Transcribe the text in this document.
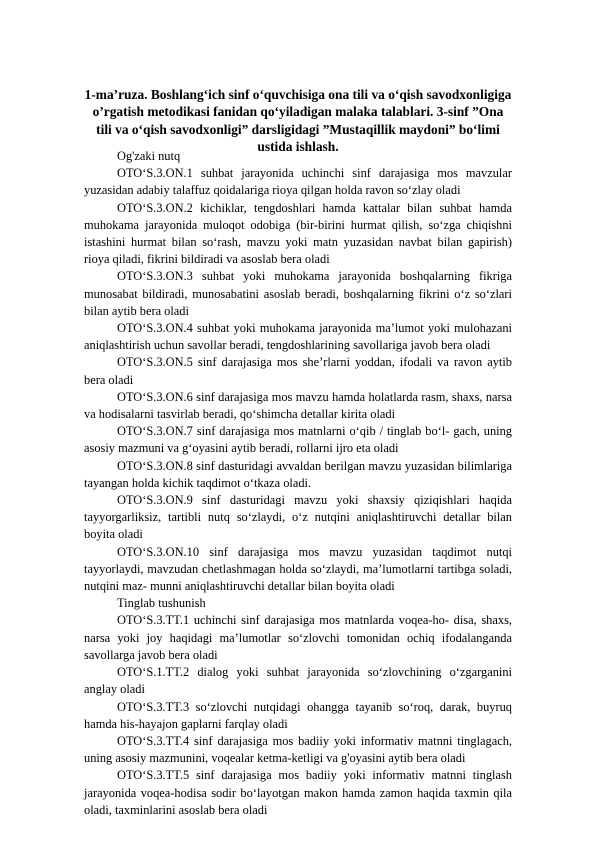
1-ma’ruza. Boshlang‘ich sinf o‘quvchisiga ona tili va o‘qish savodxonligiga o’rgatish metodikasi fanidan qo‘yiladigan malaka talablari. 3-sinf ”Ona tili va o‘qish savodxonligi” darsligidagi ”Mustaqillik maydoni” bo‘limi ustida ishlash.

Og'zaki nutq

OTO‘S.3.ON.1 suhbat jarayonida uchinchi sinf darajasiga mos mavzular yuzasidan adabiy talaffuz qoidalariga rioya qilgan holda ravon so‘zlay oladi

OTO‘S.3.ON.2 kichiklar, tengdoshlari hamda kattalar bilan suhbat hamda muhokama jarayonida muloqot odobiga (bir-birini hurmat qilish, so‘zga chiqishni istashini hurmat bilan so‘rash, mavzu yoki matn yuzasidan navbat bilan gapirish) rioya qiladi, fikrini bildiradi va asoslab bera oladi

OTO‘S.3.ON.3 suhbat yoki muhokama jarayonida boshqalarning fikriga munosabat bildiradi, munosabatini asoslab beradi, boshqalarning fikrini o‘z so‘zlari bilan aytib bera oladi

OTO‘S.3.ON.4 suhbat yoki muhokama jarayonida ma’lumot yoki mulohazani aniqlashtirish uchun savollar beradi, tengdoshlarining savollariga javob bera oladi

OTO‘S.3.ON.5 sinf darajasiga mos she’rlarni yoddan, ifodali va ravon aytib bera oladi

OTO‘S.3.ON.6 sinf darajasiga mos mavzu hamda holatlarda rasm, shaxs, narsa va hodisalarni tasvirlab beradi, qo‘shimcha detallar kirita oladi

OTO‘S.3.ON.7 sinf darajasiga mos matnlarni o‘qib / tinglab bo‘l- gach, uning asosiy mazmuni va g‘oyasini aytib beradi, rollarni ijro eta oladi

OTO‘S.3.ON.8 sinf dasturidagi avvaldan berilgan mavzu yuzasidan bilimlariga tayangan holda kichik taqdimot o‘tkaza oladi.

OTO‘S.3.ON.9 sinf dasturidagi mavzu yoki shaxsiy qiziqishlari haqida tayyorgarliksiz, tartibli nutq so‘zlaydi, o‘z nutqini aniqlashtiruvchi detallar bilan boyita oladi

OTO‘S.3.ON.10 sinf darajasiga mos mavzu yuzasidan taqdimot nutqi tayyorlaydi, mavzudan chetlashmagan holda so‘zlaydi, ma’lumotlarni tartibga soladi, nutqini maz- munni aniqlashtiruvchi detallar bilan boyita oladi

Tinglab tushunish

OTO‘S.3.TT.1 uchinchi sinf darajasiga mos matnlarda voqea-ho- disa, shaxs, narsa yoki joy haqidagi ma’lumotlar so‘zlovchi tomonidan ochiq ifodalanganda savollarga javob bera oladi

OTO‘S.1.TT.2 dialog yoki suhbat jarayonida so‘zlovchining o‘zgarganini anglay oladi

OTO‘S.3.TT.3 so‘zlovchi nutqidagi ohangga tayanib so‘roq, darak, buyruq hamda his-hayajon gaplarni farqlay oladi

OTO‘S.3.TT.4 sinf darajasiga mos badiiy yoki informativ matnni tinglagach, uning asosiy mazmunini, voqealar ketma-ketligi va g'oyasini aytib bera oladi

OTO‘S.3.TT.5 sinf darajasiga mos badiiy yoki informativ matnni tinglash jarayonida voqea-hodisa sodir bo‘layotgan makon hamda zamon haqida taxmin qila oladi, taxminlarini asoslab bera oladi
